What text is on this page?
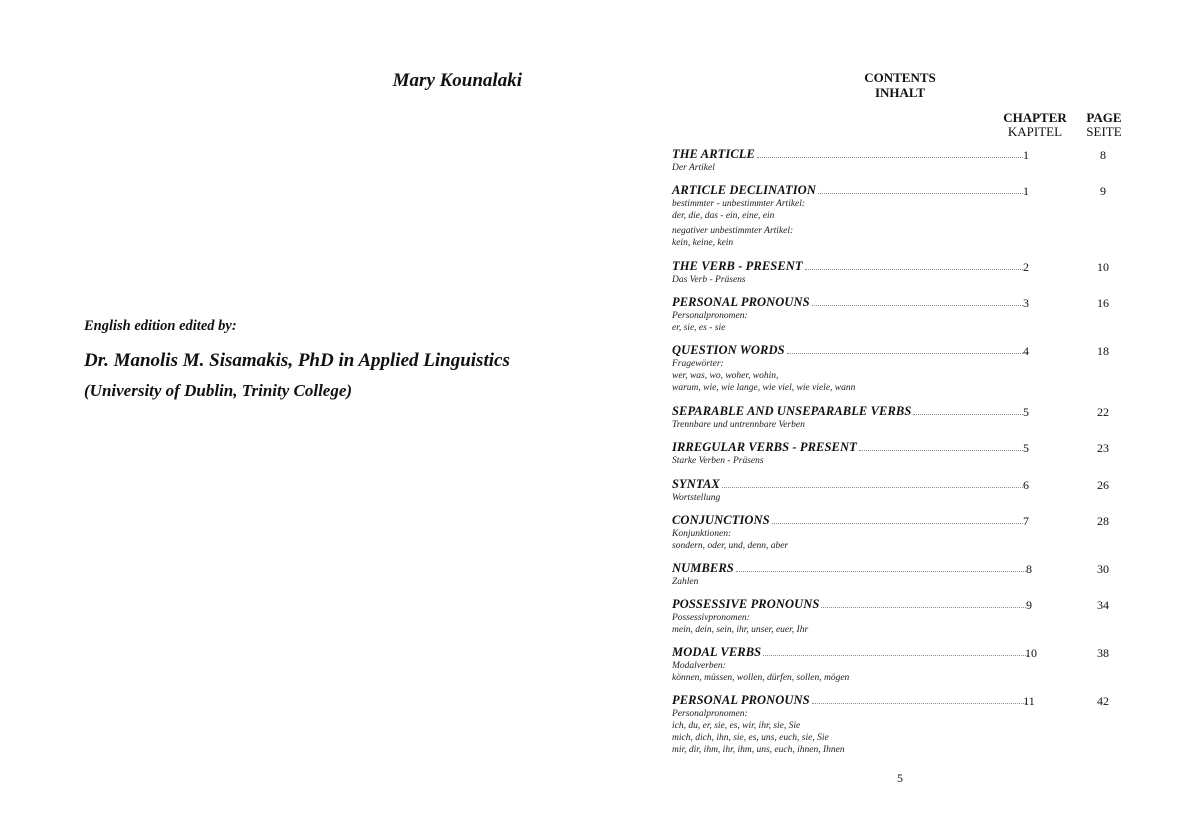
Mary Kounalaki
English edition edited by:
Dr. Manolis M. Sisamakis, PhD in Applied Linguistics
(University of Dublin, Trinity College)
CONTENTS
INHALT
CHAPTER
KAPITEL
PAGE
SEITE
THE ARTICLE	1	8
Der Artikel
ARTICLE DECLINATION	1	9
bestimmter - unbestimmter Artikel:
der, die, das - ein, eine, ein
negativer unbestimmter Artikel:
kein, keine, kein
THE VERB - PRESENT	2	10
Das Verb - Präsens
PERSONAL PRONOUNS	3	16
Personalpronomen:
er, sie, es - sie
QUESTION WORDS	4	18
Fragewörter:
wer, was, wo, woher, wohin,
warum, wie, wie lange, wie viel, wie viele, wann
SEPARABLE AND UNSEPARABLE VERBS	5	22
Trennbare und untrennbare Verben
IRREGULAR VERBS - PRESENT	5	23
Starke Verben - Präsens
SYNTAX	6	26
Wortstellung
CONJUNCTIONS	7	28
Konjunktionen:
sondern, oder, und, denn, aber
NUMBERS	8	30
Zahlen
POSSESSIVE PRONOUNS	9	34
Possessivpronomen:
mein, dein, sein, ihr, unser, euer, Ihr
MODAL VERBS	10	38
Modalverben:
können, müssen, wollen, dürfen, sollen, mögen
PERSONAL PRONOUNS	11	42
Personalpronomen:
ich, du, er, sie, es, wir, ihr, sie, Sie
mich, dich, ihn, sie, es, uns, euch, sie, Sie
mir, dir, ihm, ihr, ihm, uns, euch, ihnen, Ihnen
5
